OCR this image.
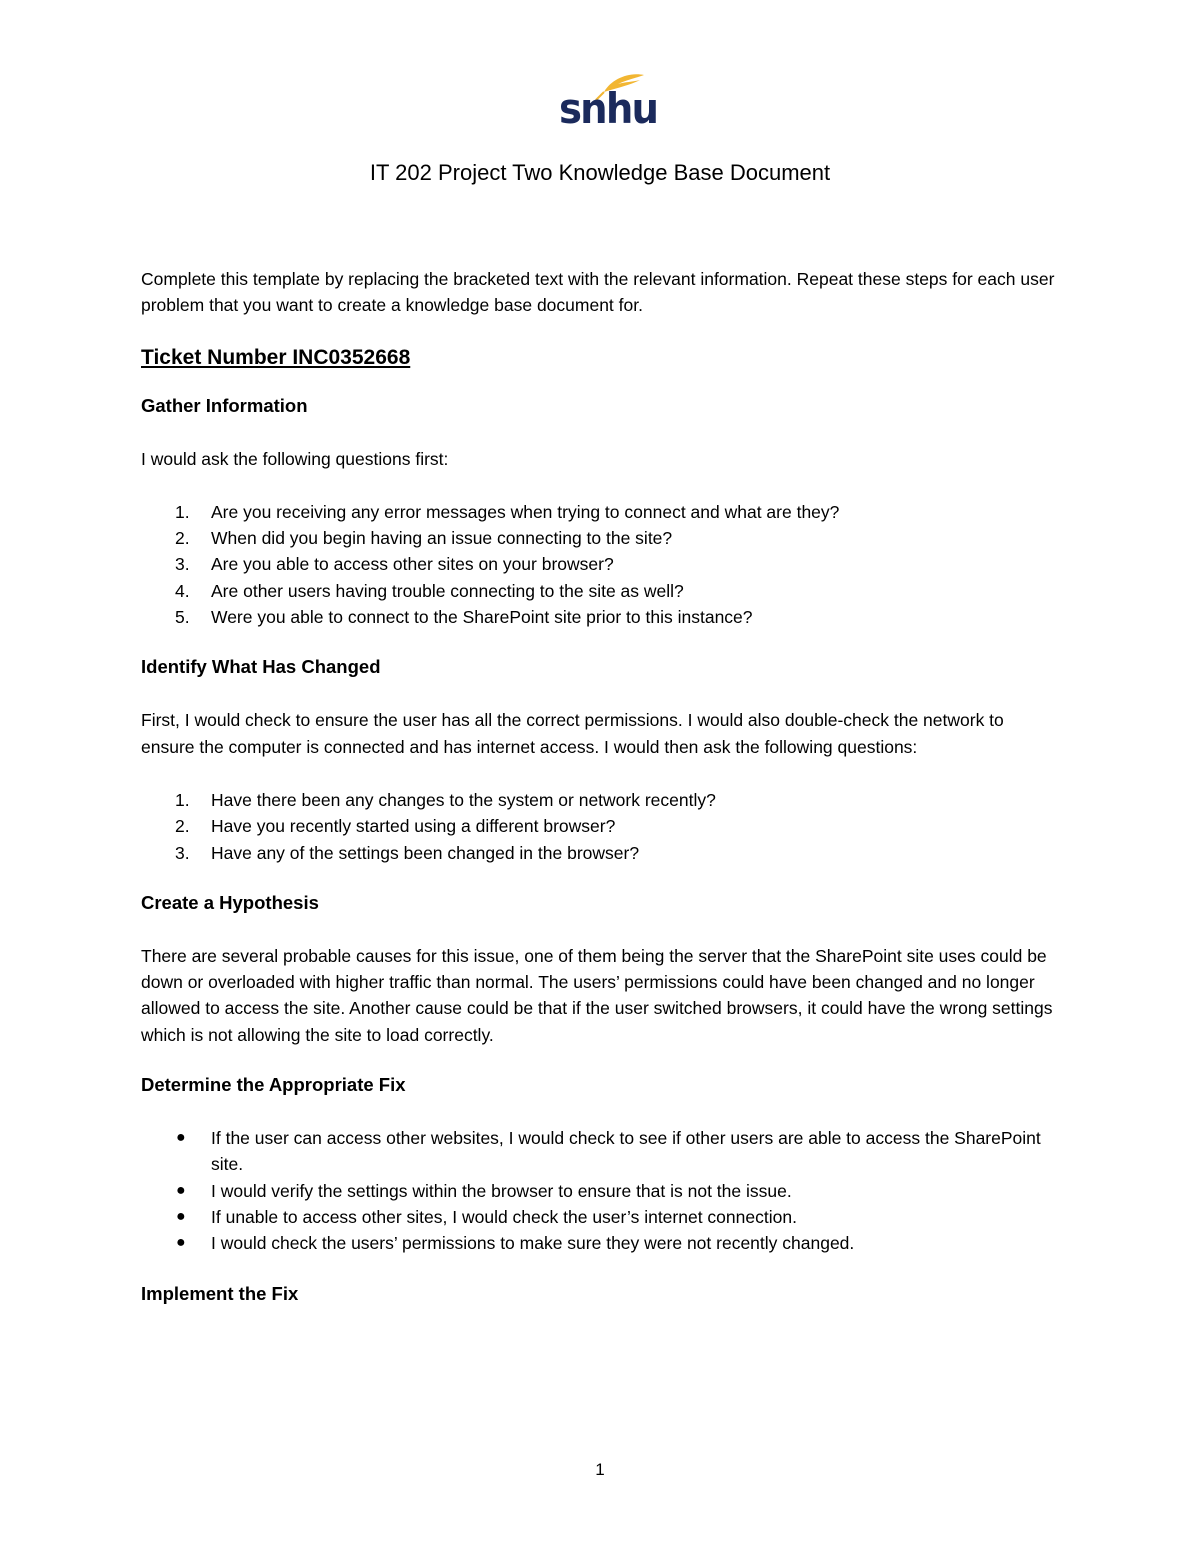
snhu
IT 202 Project Two Knowledge Base Document

Complete this template by replacing the bracketed text with the relevant information. Repeat these steps for each user problem that you want to create a knowledge base document for.

Ticket Number INC0352668

Gather Information

I would ask the following questions first:

1. Are you receiving any error messages when trying to connect and what are they?
2. When did you begin having an issue connecting to the site?
3. Are you able to access other sites on your browser?
4. Are other users having trouble connecting to the site as well?
5. Were you able to connect to the SharePoint site prior to this instance?

Identify What Has Changed

First, I would check to ensure the user has all the correct permissions. I would also double-check the network to ensure the computer is connected and has internet access. I would then ask the following questions:

1. Have there been any changes to the system or network recently?
2. Have you recently started using a different browser?
3. Have any of the settings been changed in the browser?

Create a Hypothesis

There are several probable causes for this issue, one of them being the server that the SharePoint site uses could be down or overloaded with higher traffic than normal. The users’ permissions could have been changed and no longer allowed to access the site. Another cause could be that if the user switched browsers, it could have the wrong settings which is not allowing the site to load correctly.

Determine the Appropriate Fix

● If the user can access other websites, I would check to see if other users are able to access the SharePoint site.
● I would verify the settings within the browser to ensure that is not the issue.
● If unable to access other sites, I would check the user’s internet connection.
● I would check the users’ permissions to make sure they were not recently changed.

Implement the Fix

1
